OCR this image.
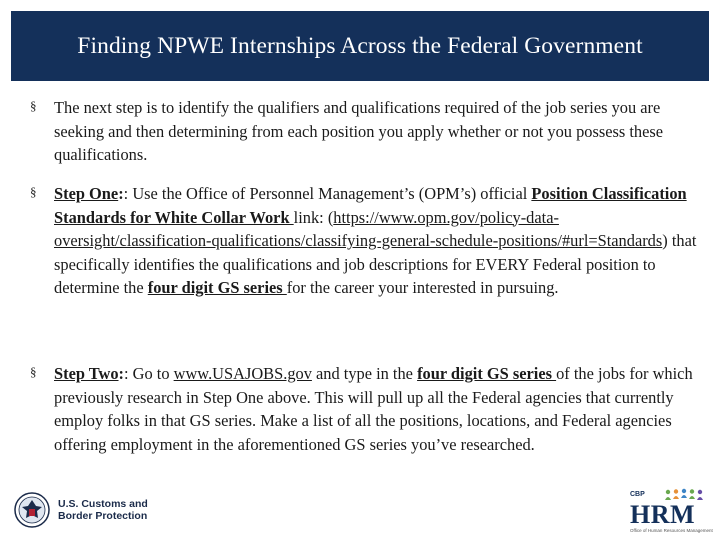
Finding NPWE Internships Across the Federal Government
§ The next step is to identify the qualifiers and qualifications required of the job series you are seeking and then determining from each position you apply whether or not you possess these qualifications.

§ Step One:: Use the Office of Personnel Management’s (OPM’s) official Position Classification Standards for White Collar Work link: (https://www.opm.gov/policy-data-oversight/classification-qualifications/classifying-general-schedule-positions/#url=Standards) that specifically identifies the qualifications and job descriptions for EVERY Federal position to determine the four digit GS series for the career your interested in pursuing.

§ Step Two:: Go to www.USAJOBS.gov and type in the four digit GS series of the jobs for which previously research in Step One above. This will pull up all the Federal agencies that currently employ folks in that GS series. Make a list of all the positions, locations, and Federal agencies offering employment in the aforementioned GS series you’ve researched.

U.S. Customs and
Border Protection
CBP
HRM
Office of Human Resources Management
